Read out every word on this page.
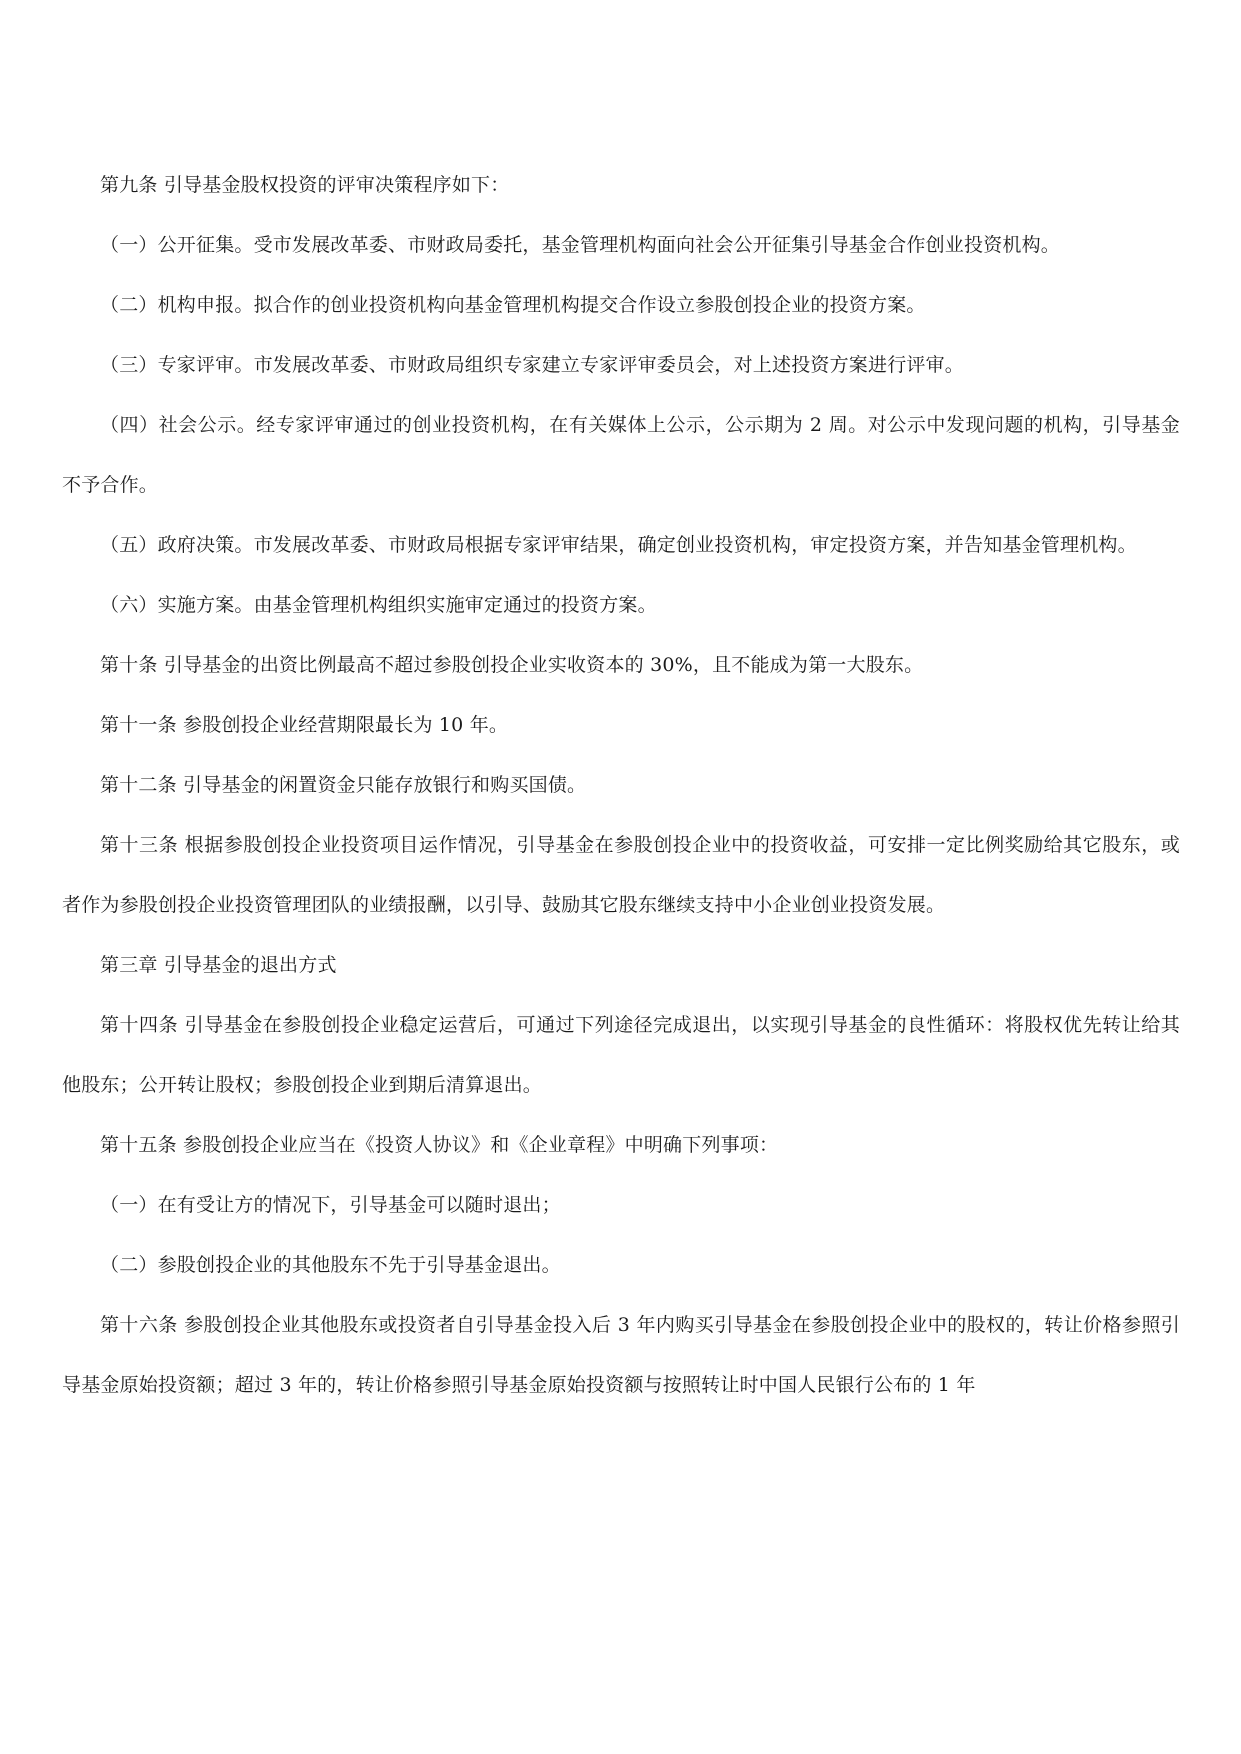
第九条 引导基金股权投资的评审决策程序如下：

（一）公开征集。受市发展改革委、市财政局委托，基金管理机构面向社会公开征集引导基金合作创业投资机构。

（二）机构申报。拟合作的创业投资机构向基金管理机构提交合作设立参股创投企业的投资方案。

（三）专家评审。市发展改革委、市财政局组织专家建立专家评审委员会，对上述投资方案进行评审。

（四）社会公示。经专家评审通过的创业投资机构，在有关媒体上公示，公示期为 2 周。对公示中发现问题的机构，引导基金不予合作。

（五）政府决策。市发展改革委、市财政局根据专家评审结果，确定创业投资机构，审定投资方案，并告知基金管理机构。

（六）实施方案。由基金管理机构组织实施审定通过的投资方案。

第十条 引导基金的出资比例最高不超过参股创投企业实收资本的 30%，且不能成为第一大股东。

第十一条 参股创投企业经营期限最长为 10 年。

第十二条 引导基金的闲置资金只能存放银行和购买国债。

第十三条 根据参股创投企业投资项目运作情况，引导基金在参股创投企业中的投资收益，可安排一定比例奖励给其它股东，或者作为参股创投企业投资管理团队的业绩报酬，以引导、鼓励其它股东继续支持中小企业创业投资发展。

第三章 引导基金的退出方式

第十四条 引导基金在参股创投企业稳定运营后，可通过下列途径完成退出，以实现引导基金的良性循环：将股权优先转让给其他股东；公开转让股权；参股创投企业到期后清算退出。

第十五条 参股创投企业应当在《投资人协议》和《企业章程》中明确下列事项：

（一）在有受让方的情况下，引导基金可以随时退出；

（二）参股创投企业的其他股东不先于引导基金退出。

第十六条 参股创投企业其他股东或投资者自引导基金投入后 3 年内购买引导基金在参股创投企业中的股权的，转让价格参照引导基金原始投资额；超过 3 年的，转让价格参照引导基金原始投资额与按照转让时中国人民银行公布的 1 年
